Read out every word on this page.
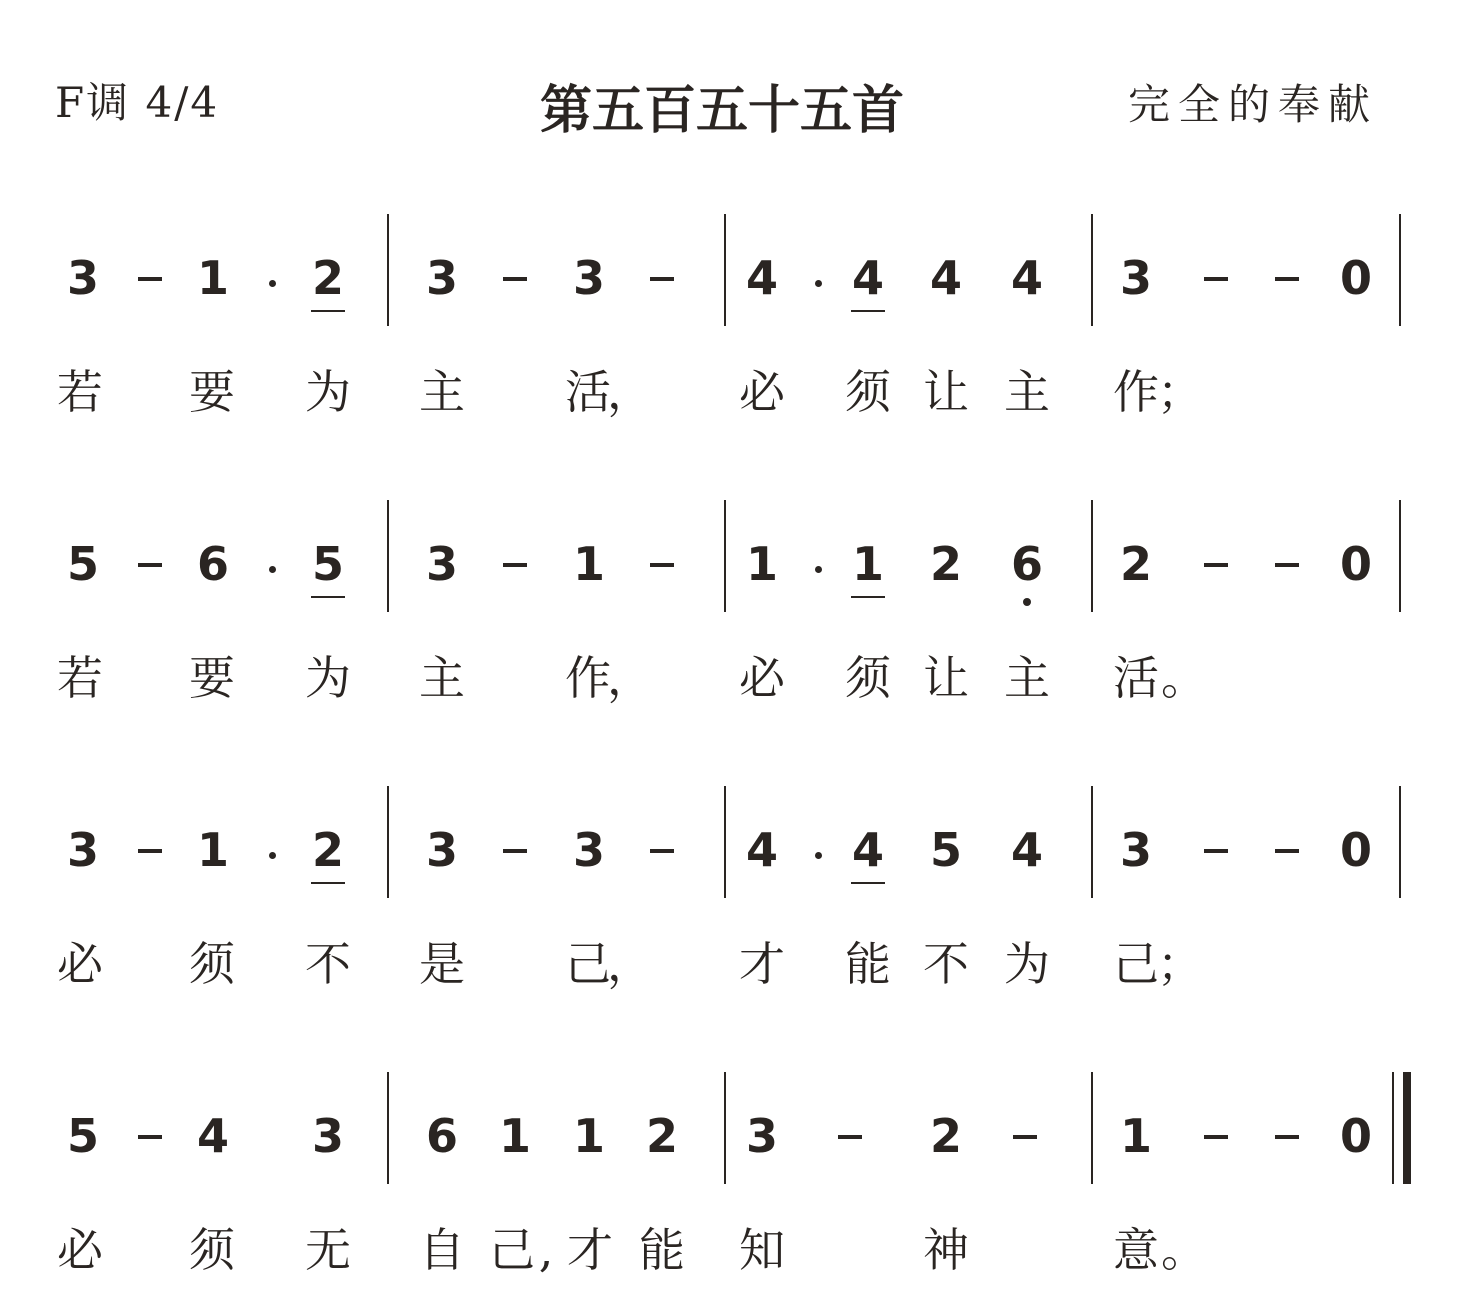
F调 4/4	第五百五十五首	完全的奉献
3 1 2 3 3	4 4 4 4 3	0
若 要 为 主 活
， 必 须 让 主 作
；
5 6 5 3 1	1 1 2 6 2	0
若 要 为 主 作
， 必 须 让 主 活 。
3 1 2 3 3	4 4 5 4 3	0
必 须 不 是 己
， 才 能 不 为 己
；
5 4 3 6 1 1 2 3	2	1	0
必 须 无 自 己 , 才 能 知	神	意 。
